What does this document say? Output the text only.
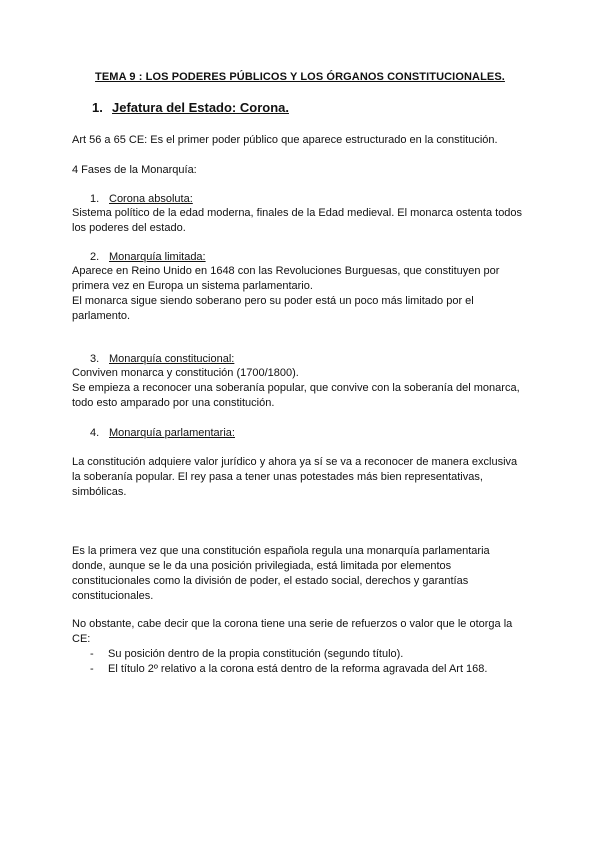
TEMA 9 : LOS PODERES PÚBLICOS Y LOS ÓRGANOS CONSTITUCIONALES.
1. Jefatura del Estado: Corona.
Art 56 a 65 CE: Es el primer poder público que aparece estructurado en la constitución.
4 Fases de la Monarquía:
1. Corona absoluta:
Sistema político de la edad moderna, finales de la Edad medieval. El monarca ostenta todos
los poderes del estado.
2. Monarquía limitada:
Aparece en Reino Unido en 1648 con las Revoluciones Burguesas, que constituyen por
primera vez en Europa un sistema parlamentario.
El monarca sigue siendo soberano pero su poder está un poco más limitado por el
parlamento.
3. Monarquía constitucional:
Conviven monarca y constitución (1700/1800).
Se empieza a reconocer una soberanía popular, que convive con la soberanía del monarca,
todo esto amparado por una constitución.
4. Monarquía parlamentaria:
La constitución adquiere valor jurídico y ahora ya sí se va a reconocer de manera exclusiva
la soberanía popular. El rey pasa a tener unas potestades más bien representativas,
simbólicas.
Es la primera vez que una constitución española regula una monarquía parlamentaria
donde, aunque se le da una posición privilegiada, está limitada por elementos
constitucionales como la división de poder, el estado social, derechos y garantías
constitucionales.
No obstante, cabe decir que la corona tiene una serie de refuerzos o valor que le otorga la
CE:
- Su posición dentro de la propia constitución (segundo título).
- El título 2º relativo a la corona está dentro de la reforma agravada del Art 168.
